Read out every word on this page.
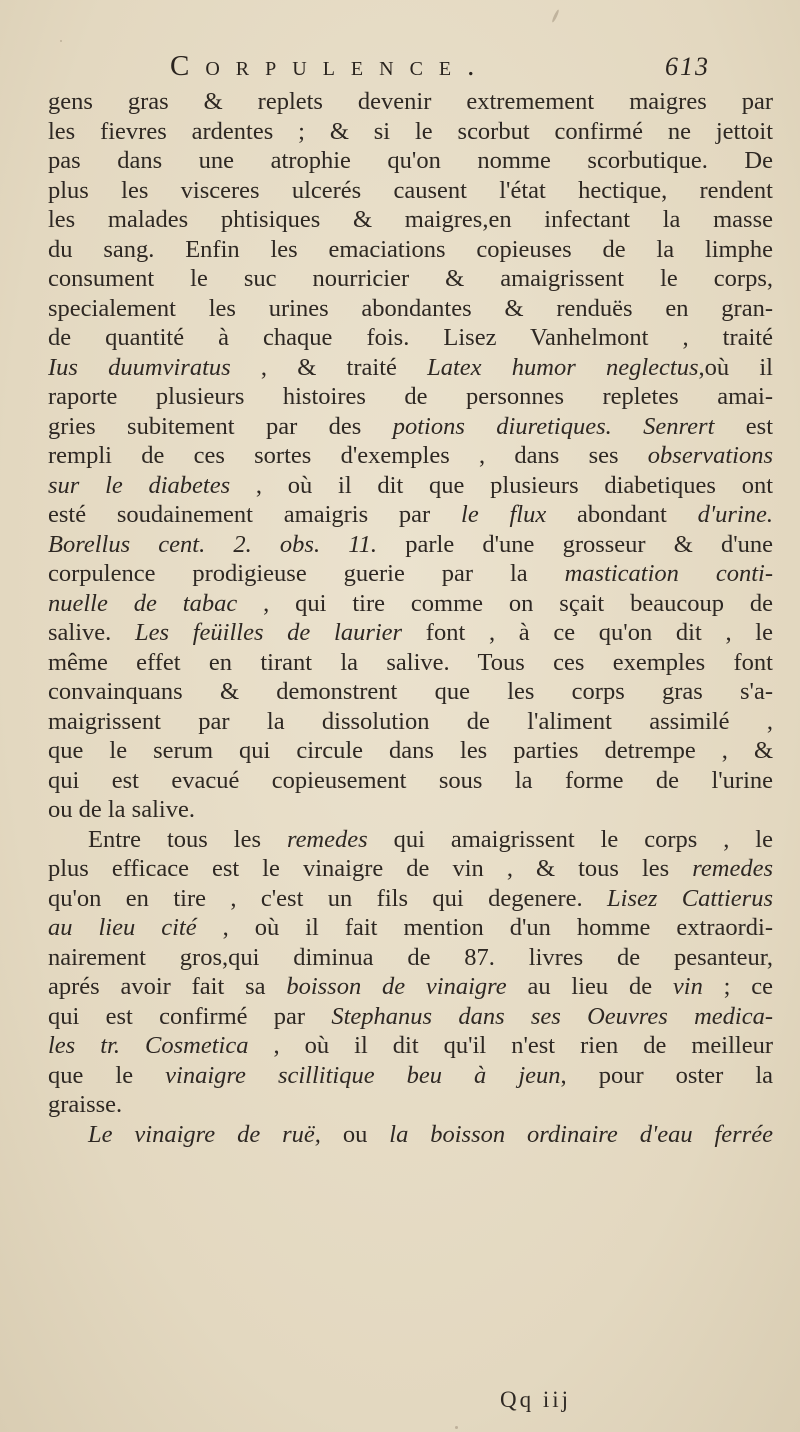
Corpulence.	613
gens gras & replets devenir extremement maigres par
les fievres ardentes ; & si le scorbut confirmé ne jettoit
pas dans une atrophie qu'on nomme scorbutique. De
plus les visceres ulcerés causent l'état hectique, rendent
les malades phtisiques & maigres,en infectant la masse
du sang. Enfin les emaciations copieuses de la limphe
consument le suc nourricier & amaigrissent le corps,
specialement les urines abondantes & renduës en gran-
de quantité à chaque fois. Lisez Vanhelmont , traité
Ius duumviratus , & traité Latex humor neglectus,où il
raporte plusieurs histoires de personnes repletes amai-
gries subitement par des potions diuretiques. Senrert est
rempli de ces sortes d'exemples , dans ses observations
sur le diabetes , où il dit que plusieurs diabetiques ont
esté soudainement amaigris par le flux abondant d'urine.
Borellus cent. 2. obs. 11. parle d'une grosseur & d'une
corpulence prodigieuse guerie par la mastication conti-
nuelle de tabac , qui tire comme on sçait beaucoup de
salive. Les feüilles de laurier font , à ce qu'on dit , le
même effet en tirant la salive. Tous ces exemples font
convainquans & demonstrent que les corps gras s'a-
maigrissent par la dissolution de l'aliment assimilé ,
que le serum qui circule dans les parties detrempe , &
qui est evacué copieusement sous la forme de l'urine
ou de la salive.
Entre tous les remedes qui amaigrissent le corps , le
plus efficace est le vinaigre de vin , & tous les remedes
qu'on en tire , c'est un fils qui degenere. Lisez Cattierus
au lieu cité , où il fait mention d'un homme extraordi-
nairement gros,qui diminua de 87. livres de pesanteur,
aprés avoir fait sa boisson de vinaigre au lieu de vin ; ce
qui est confirmé par Stephanus dans ses Oeuvres medica-
les tr. Cosmetica , où il dit qu'il n'est rien de meilleur
que le vinaigre scillitique beu à jeun, pour oster la
graisse.
Le vinaigre de ruë, ou la boisson ordinaire d'eau ferrée
Qq iij
